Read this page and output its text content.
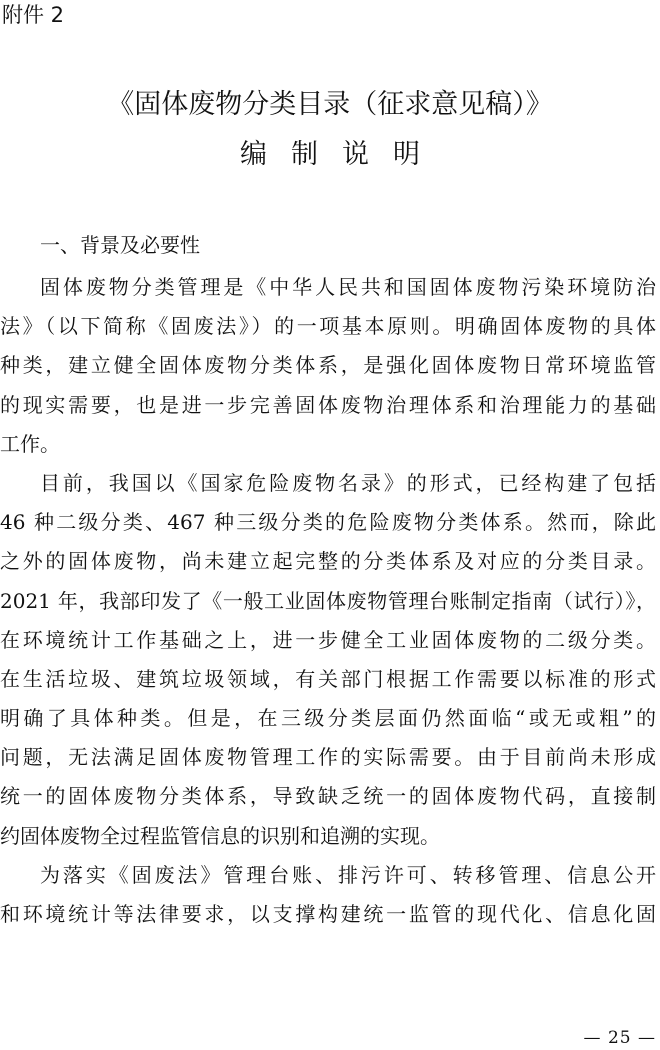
附件 2
《固体废物分类目录（征求意见稿）》
编制说明
一、背景及必要性
固体废物分类管理是《中华人民共和国固体废物污染环境防治
法》（以下简称《固废法》）的一项基本原则。明确固体废物的具体
种类，建立健全固体废物分类体系，是强化固体废物日常环境监管
的现实需要，也是进一步完善固体废物治理体系和治理能力的基础
工作。
目前，我国以《国家危险废物名录》的形式，已经构建了包括
46 种二级分类、467 种三级分类的危险废物分类体系。然而，除此
之外的固体废物，尚未建立起完整的分类体系及对应的分类目录。
2021 年，我部印发了《一般工业固体废物管理台账制定指南（试行）》，
在环境统计工作基础之上，进一步健全工业固体废物的二级分类。
在生活垃圾、建筑垃圾领域，有关部门根据工作需要以标准的形式
明确了具体种类。但是，在三级分类层面仍然面临“或无或粗”的
问题，无法满足固体废物管理工作的实际需要。由于目前尚未形成
统一的固体废物分类体系，导致缺乏统一的固体废物代码，直接制
约固体废物全过程监管信息的识别和追溯的实现。
为落实《固废法》管理台账、排污许可、转移管理、信息公开
和环境统计等法律要求，以支撑构建统一监管的现代化、信息化固
— 25 —
